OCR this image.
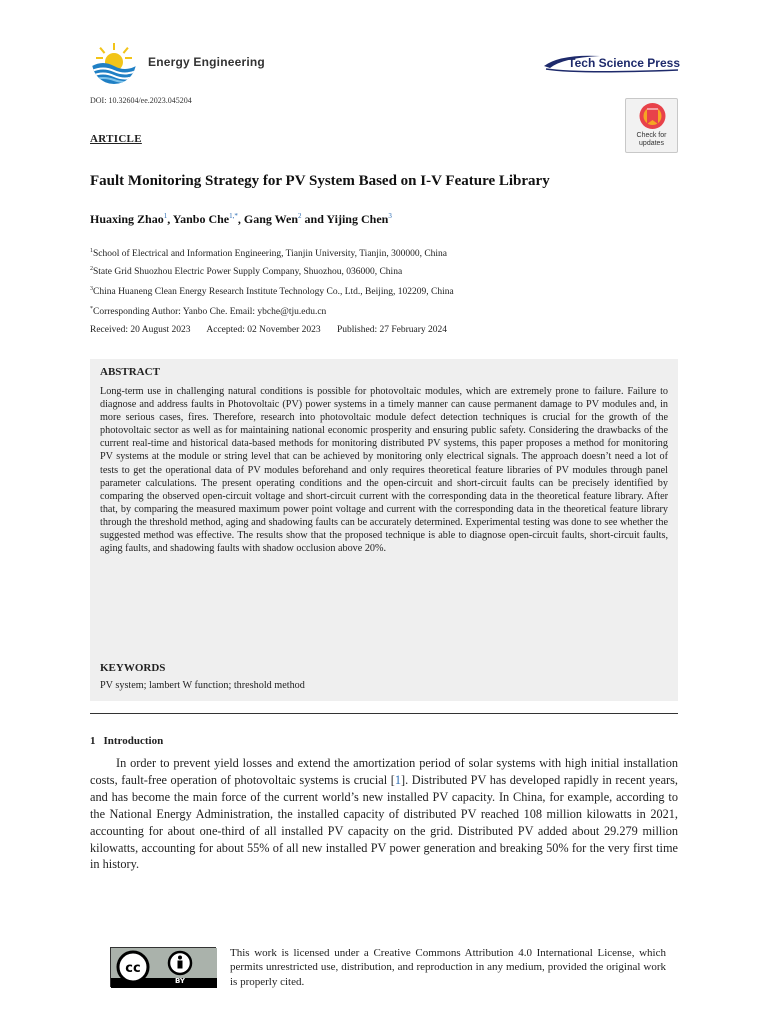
Energy Engineering	Tech Science Press
DOI: 10.32604/ee.2023.045204
Check for
updates
ARTICLE
Fault Monitoring Strategy for PV System Based on I-V Feature Library
Huaxing Zhao$^1$, Yanbo Che$^{1,*}$, Gang Wen$^2$ and Yijing Chen$^3$
$^1$School of Electrical and Information Engineering, Tianjin University, Tianjin, 300000, China
$^2$State Grid Shuozhou Electric Power Supply Company, Shuozhou, 036000, China
$^3$China Huaneng Clean Energy Research Institute Technology Co., Ltd., Beijing, 102209, China
*Corresponding Author: Yanbo Che. Email: ybche@tju.edu.cn
Received: 20 August 2023 Accepted: 02 November 2023 Published: 27 February 2024
ABSTRACT

Long-term use in challenging natural conditions is possible for photovoltaic modules, which are extremely prone to failure. Failure to diagnose and address faults in Photovoltaic (PV) power systems in a timely manner can cause permanent damage to PV modules and, in more serious cases, fires. Therefore, research into photovoltaic module defect detection techniques is crucial for the growth of the photovoltaic sector as well as for maintaining national economic prosperity and ensuring public safety. Considering the drawbacks of the current real-time and historical data-based methods for monitoring distributed PV systems, this paper proposes a method for monitoring PV systems at the module or string level that can be achieved by monitoring only electrical signals. The approach doesn’t need a lot of tests to get the operational data of PV modules beforehand and only requires theoretical feature libraries of PV modules through panel parameter calculations. The present operating conditions and the open-circuit and short-circuit faults can be precisely identified by comparing the observed open-circuit voltage and short-circuit current with the corresponding data in the theoretical feature library. After that, by comparing the measured maximum power point voltage and current with the corresponding data in the theoretical feature library through the threshold method, aging and shadowing faults can be accurately determined. Experimental testing was done to see whether the suggested method was effective. The results show that the proposed technique is able to diagnose open-circuit faults, short-circuit faults, aging faults, and shadowing faults with shadow occlusion above 20%.

KEYWORDS
PV system; lambert W function; threshold method
1 Introduction

In order to prevent yield losses and extend the amortization period of solar systems with high initial installation costs, fault-free operation of photovoltaic systems is crucial [1]. Distributed PV has developed rapidly in recent years, and has become the main force of the current world’s new installed PV capacity. In China, for example, according to the National Energy Administration, the installed capacity of distributed PV reached 108 million kilowatts in 2021, accounting for about one-third of all installed PV capacity on the grid. Distributed PV added about 29.279 million kilowatts, accounting for about 55% of all new installed PV power generation and breaking 50% for the very first time in history.

cc
BY

This work is licensed under a Creative Commons Attribution 4.0 International License, which permits unrestricted use, distribution, and reproduction in any medium, provided the original work is properly cited.
